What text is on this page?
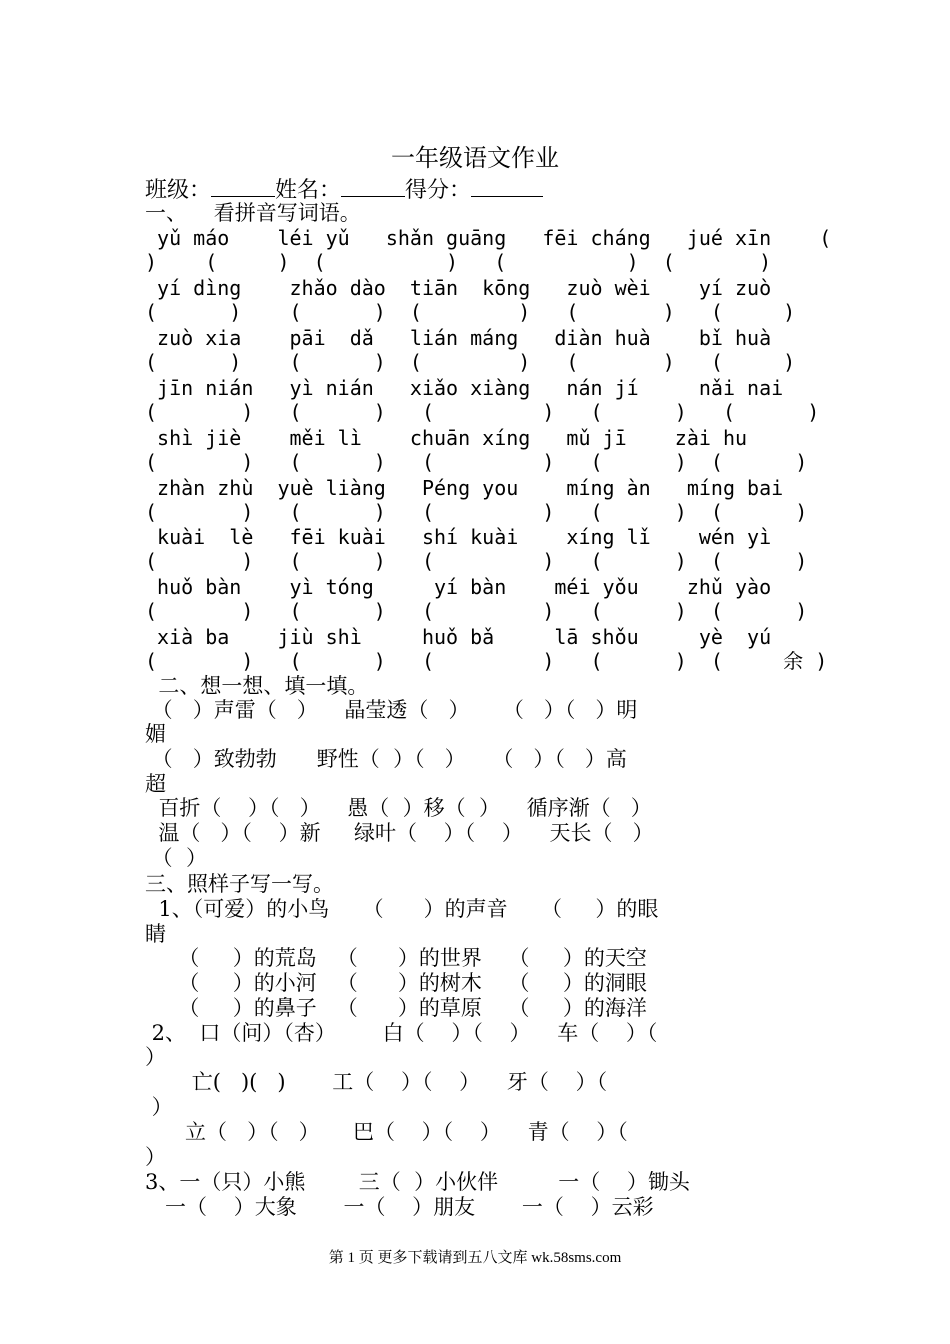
一年级语文作业
班级：	姓名：	得分：
一、    看拼音写词语。
yǔ máo    léi yǔ   shǎn guāng   fēi cháng   jué xīn    (
)    (     )  (          )   (          )  (       )
yí dìng    zhǎo dào  tiān  kōng   zuò wèi    yí zuò
(      )    (      )  (        )   (       )   (     )
zuò xia    pāi  dǎ   lián máng   diàn huà    bǐ huà
(      )    (      )  (        )   (       )   (     )
jīn nián   yì nián   xiǎo xiàng   nán jí     nǎi nai
(       )   (      )   (         )   (      )   (      )
shì jiè    měi lì    chuān xíng   mǔ jī    zài hu
(       )   (      )   (         )   (      )  (      )
zhàn zhù  yuè liàng   Péng you    míng àn   míng bai
(       )   (      )   (         )   (      )  (      )
kuài  lè   fēi kuài   shí kuài    xíng lǐ    wén yì
(       )   (      )   (         )   (      )  (      )
huǒ bàn    yì tóng     yí bàn    méi yǒu    zhǔ yào
(       )   (      )   (         )   (      )  (      )
xià ba    jiù shì     huǒ bǎ     lā shǒu     yè  yú
(       )   (      )   (         )   (      )  (     余 )
二、想一想、填一填。
（   ）声雷（   ）    晶莹透（   ）     （   ）（   ）明
媚
（   ）致勃勃      野性（  ）（   ）    （   ）（   ）高
超
百折（    ）（   ）    愚（  ）移（  ）    循序渐（   ）
温（   ）（    ）新     绿叶（    ）（    ）    天长（   ）
（  ）
三、照样子写一写。
1、（可爱）的小鸟     （      ）的声音     （     ）的眼
睛
（     ）的荒岛   （      ）的世界    （     ）的天空
（     ）的小河   （      ）的树木    （     ）的洞眼
（     ）的鼻子   （      ）的草原    （     ）的海洋
2、  口（问）（杏）       白（    ）（    ）    车（    ）（
）
亡(   )(   )       工（    ）（    ）    牙（    ）（
）
立（   ）（   ）     巴（    ）（    ）    青（    ）（
）
3、一（只）小熊        三（  ）小伙伴         一（    ）锄头
一（    ）大象       一（    ）朋友       一（    ）云彩
第 1 页 更多下载请到五八文库 wk.58sms.com
